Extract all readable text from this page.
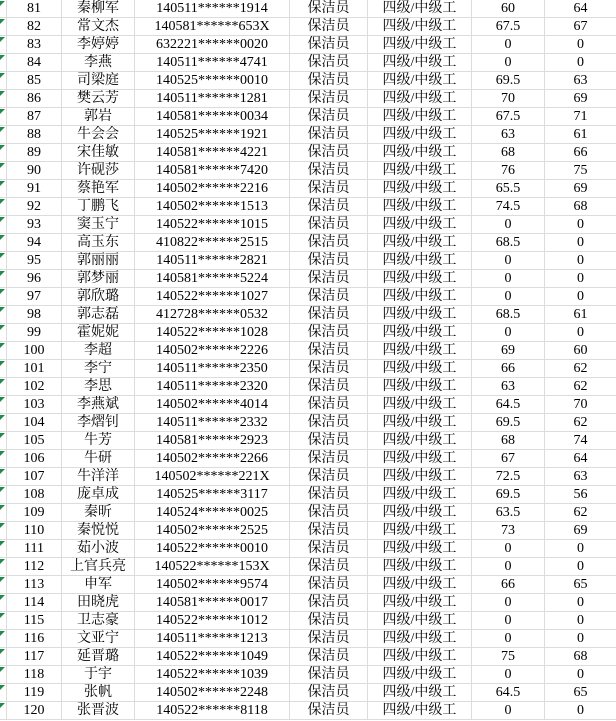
81	秦柳军	140511******1914	保洁员	四级/中级工	60	64
82	常文杰	140581******653X	保洁员	四级/中级工	67.5	67
83	李婷婷	632221******0020	保洁员	四级/中级工	0	0
84	李燕	140511******4741	保洁员	四级/中级工	0	0
85	司梁庭	140525******0010	保洁员	四级/中级工	69.5	63
86	樊云芳	140511******1281	保洁员	四级/中级工	70	69
87	郭岩	140581******0034	保洁员	四级/中级工	67.5	71
88	牛会会	140525******1921	保洁员	四级/中级工	63	61
89	宋佳敏	140581******4221	保洁员	四级/中级工	68	66
90	许砚莎	140581******7420	保洁员	四级/中级工	76	75
91	蔡艳军	140502******2216	保洁员	四级/中级工	65.5	69
92	丁鹏飞	140502******1513	保洁员	四级/中级工	74.5	68
93	窦玉宁	140522******1015	保洁员	四级/中级工	0	0
94	高玉东	410822******2515	保洁员	四级/中级工	68.5	0
95	郭丽丽	140511******2821	保洁员	四级/中级工	0	0
96	郭梦丽	140581******5224	保洁员	四级/中级工	0	0
97	郭欣璐	140522******1027	保洁员	四级/中级工	0	0
98	郭志磊	412728******0532	保洁员	四级/中级工	68.5	61
99	霍妮妮	140522******1028	保洁员	四级/中级工	0	0
100	李超	140502******2226	保洁员	四级/中级工	69	60
101	李宁	140511******2350	保洁员	四级/中级工	66	62
102	李思	140511******2320	保洁员	四级/中级工	63	62
103	李燕斌	140502******4014	保洁员	四级/中级工	64.5	70
104	李熠钊	140511******2332	保洁员	四级/中级工	69.5	62
105	牛芳	140581******2923	保洁员	四级/中级工	68	74
106	牛研	140502******2266	保洁员	四级/中级工	67	64
107	牛洋洋	140502******221X	保洁员	四级/中级工	72.5	63
108	庞卓成	140525******3117	保洁员	四级/中级工	69.5	56
109	秦昕	140524******0025	保洁员	四级/中级工	63.5	62
110	秦悦悦	140502******2525	保洁员	四级/中级工	73	69
111	茹小波	140522******0010	保洁员	四级/中级工	0	0
112	上官兵亮	140522******153X	保洁员	四级/中级工	0	0
113	申军	140502******9574	保洁员	四级/中级工	66	65
114	田晓虎	140581******0017	保洁员	四级/中级工	0	0
115	卫志豪	140522******1012	保洁员	四级/中级工	0	0
116	文亚宁	140511******1213	保洁员	四级/中级工	0	0
117	延晋璐	140522******1049	保洁员	四级/中级工	75	68
118	于宇	140522******1039	保洁员	四级/中级工	0	0
119	张帆	140502******2248	保洁员	四级/中级工	64.5	65
120	张晋波	140522******8118	保洁员	四级/中级工	0	0
